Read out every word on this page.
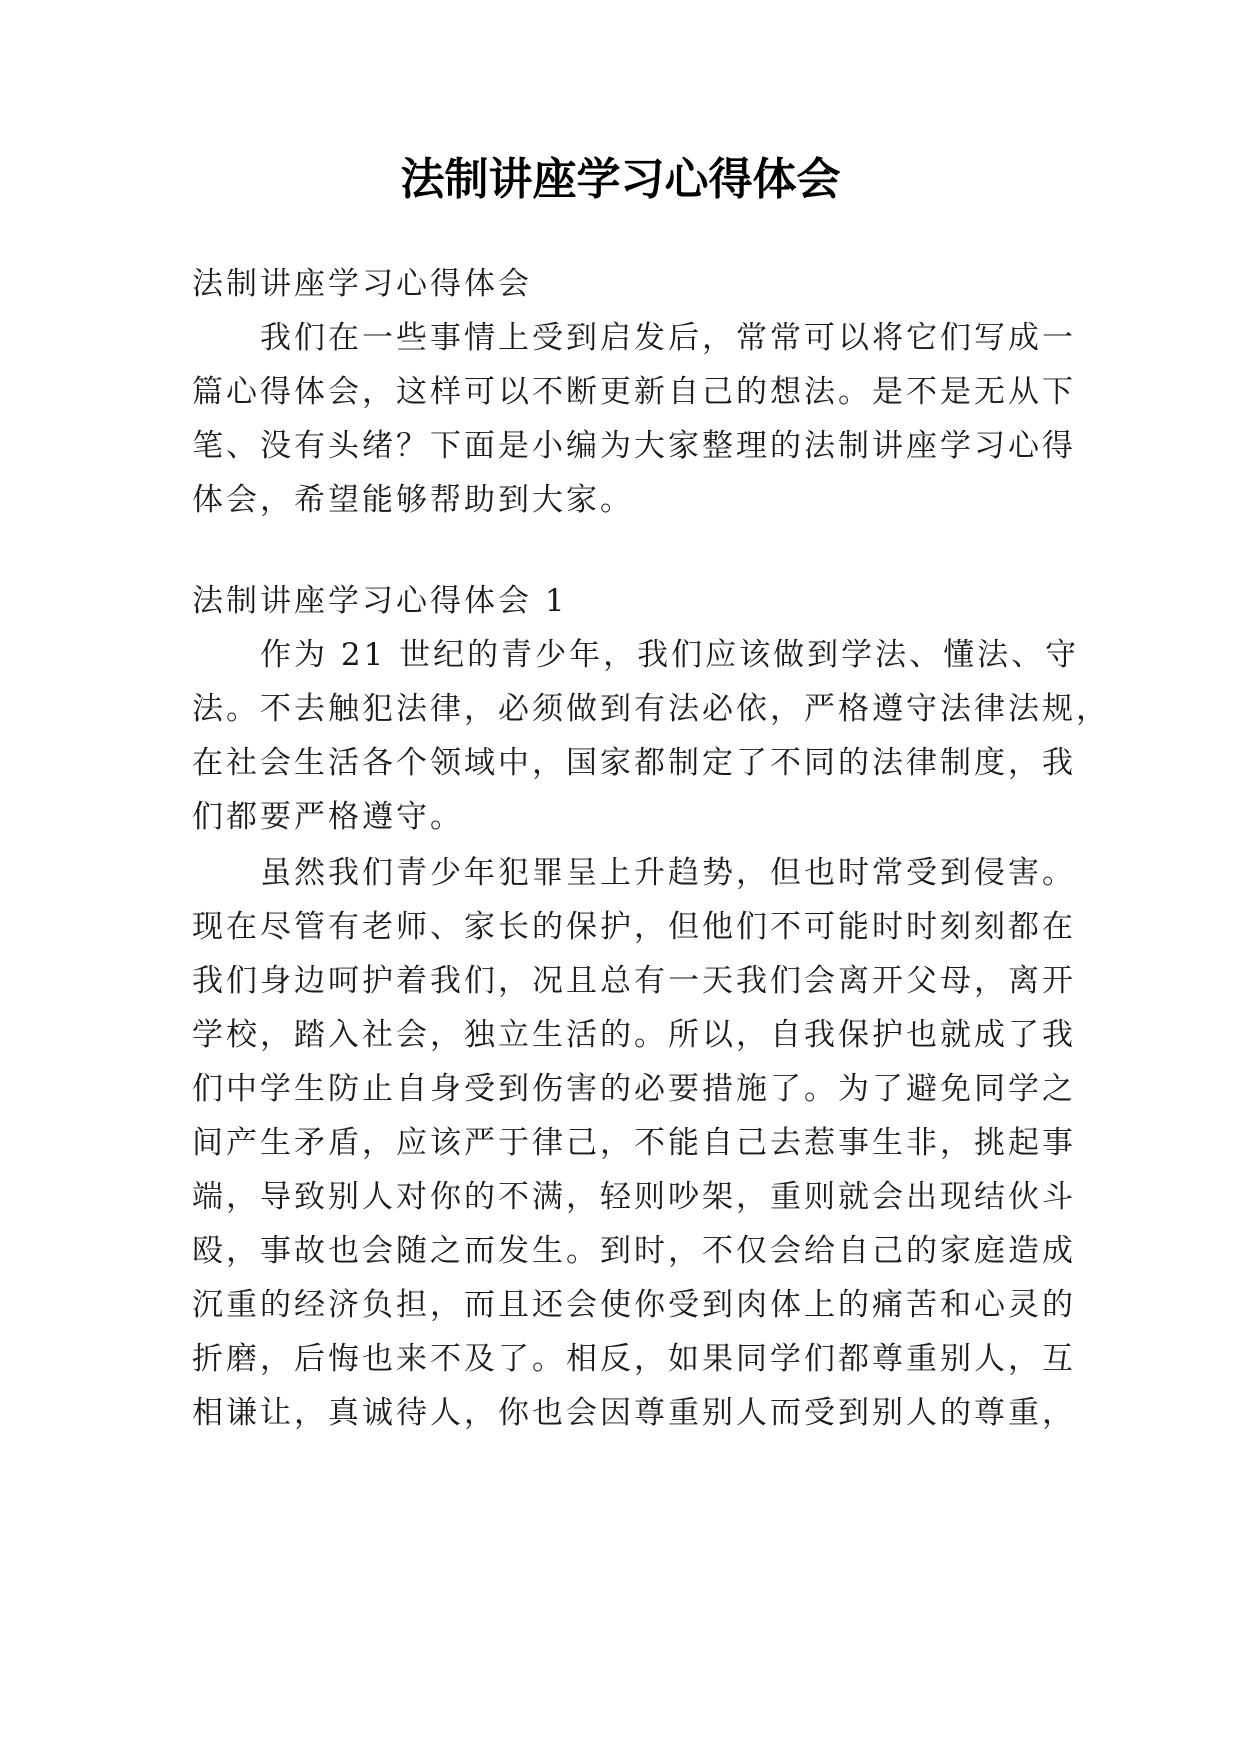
法制讲座学习心得体会

法制讲座学习心得体会

我们在一些事情上受到启发后，常常可以将它们写成一

篇心得体会，这样可以不断更新自己的想法。是不是无从下

笔、没有头绪？下面是小编为大家整理的法制讲座学习心得

体会，希望能够帮助到大家。

法制讲座学习心得体会 1

作为 21 世纪的青少年，我们应该做到学法、懂法、守

法。不去触犯法律，必须做到有法必依，严格遵守法律法规，

在社会生活各个领域中，国家都制定了不同的法律制度，我

们都要严格遵守。

虽然我们青少年犯罪呈上升趋势，但也时常受到侵害。

现在尽管有老师、家长的保护，但他们不可能时时刻刻都在

我们身边呵护着我们，况且总有一天我们会离开父母，离开

学校，踏入社会，独立生活的。所以，自我保护也就成了我

们中学生防止自身受到伤害的必要措施了。为了避免同学之

间产生矛盾，应该严于律己，不能自己去惹事生非，挑起事

端，导致别人对你的不满，轻则吵架，重则就会出现结伙斗

殴，事故也会随之而发生。到时，不仅会给自己的家庭造成

沉重的经济负担，而且还会使你受到肉体上的痛苦和心灵的

折磨，后悔也来不及了。相反，如果同学们都尊重别人，互

相谦让，真诚待人，你也会因尊重别人而受到别人的尊重，
